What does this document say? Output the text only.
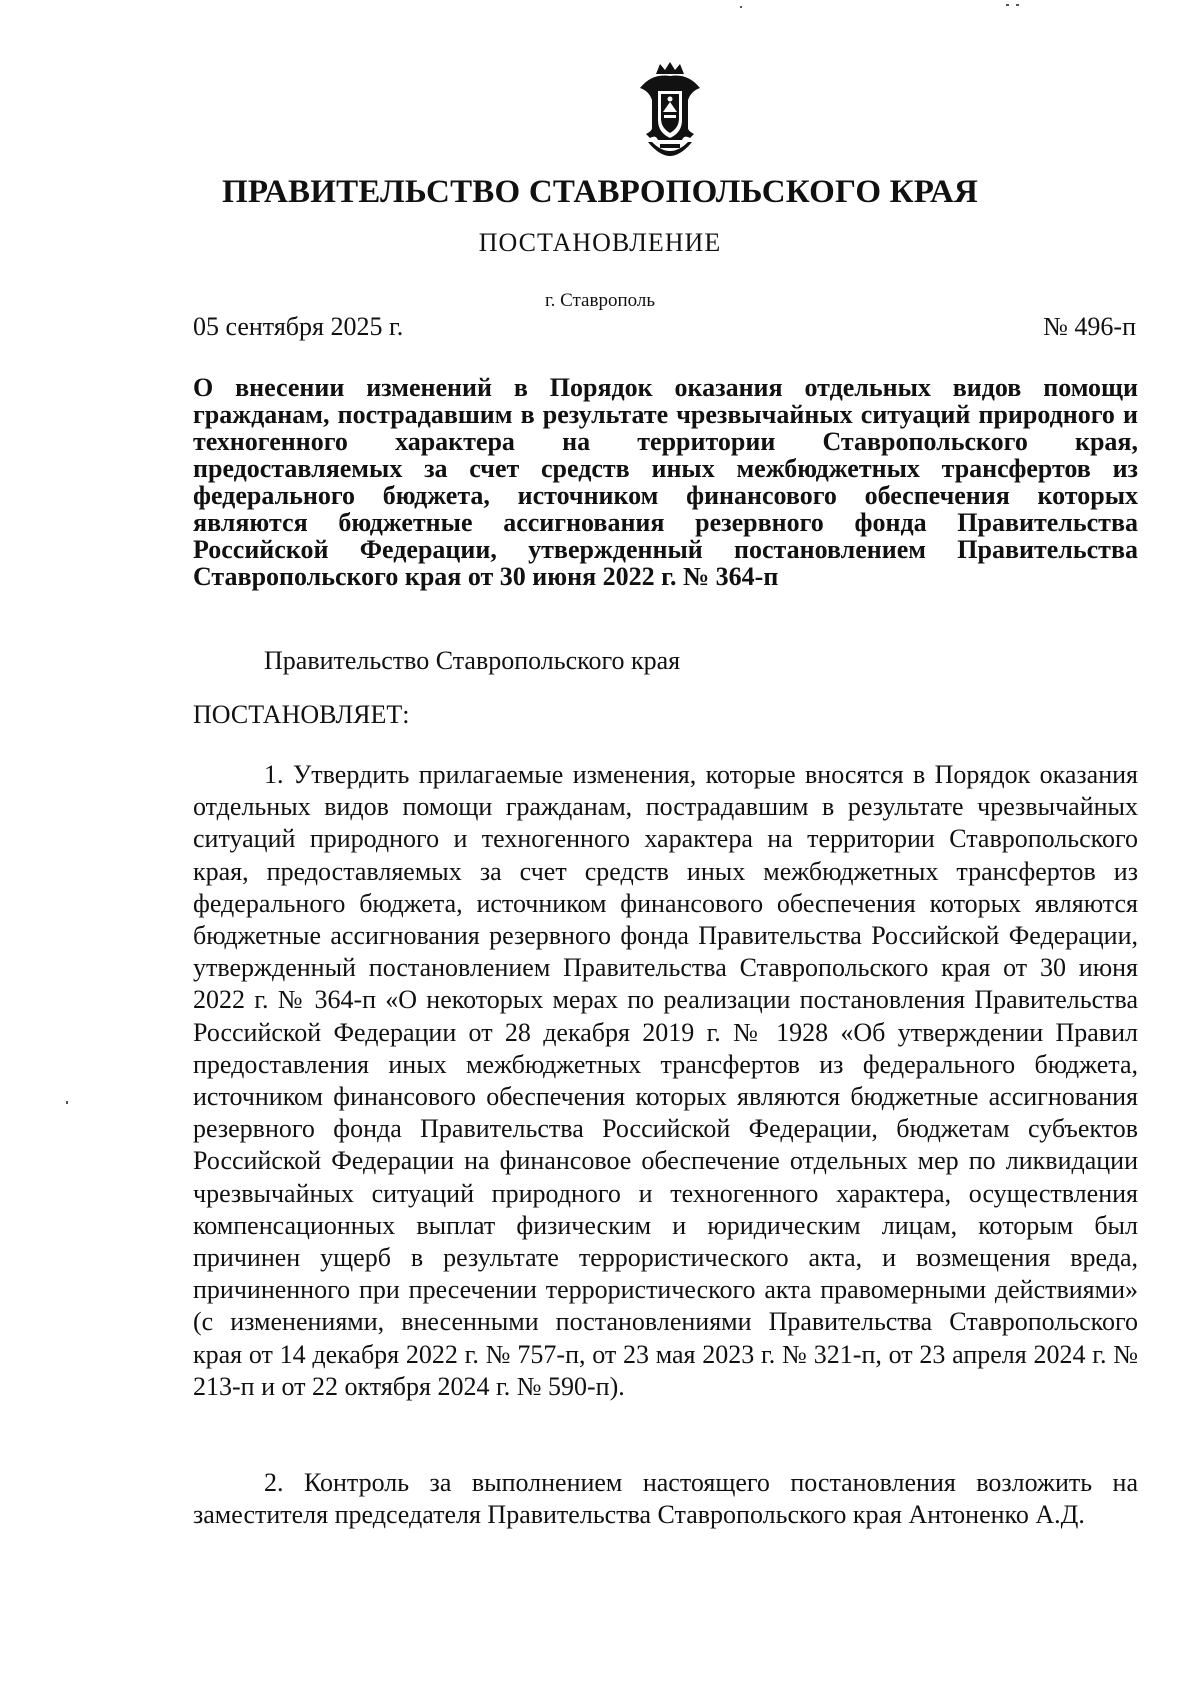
ПРАВИТЕЛЬСТВО СТАВРОПОЛЬСКОГО КРАЯ
ПОСТАНОВЛЕНИЕ
г. Ставрополь
05 сентября 2025 г.	№ 496-п
О внесении изменений в Порядок оказания отдельных видов помощи гражданам, пострадавшим в результате чрезвычайных ситуаций природного и техногенного характера на территории Ставропольского края, предоставляемых за счет средств иных межбюджетных трансфертов из федерального бюджета, источником финансового обеспечения которых являются бюджетные ассигнования резервного фонда Правительства Российской Федерации, утвержденный постановлением Правительства Ставропольского края от 30 июня 2022 г. № 364-п
Правительство Ставропольского края
ПОСТАНОВЛЯЕТ:
1. Утвердить прилагаемые изменения, которые вносятся в Порядок оказания отдельных видов помощи гражданам, пострадавшим в результате чрезвычайных ситуаций природного и техногенного характера на территории Ставропольского края, предоставляемых за счет средств иных межбюджетных трансфертов из федерального бюджета, источником финансового обеспечения которых являются бюджетные ассигнования резервного фонда Правительства Российской Федерации, утвержденный постановлением Правительства Ставропольского края от 30 июня 2022 г. № 364-п «О некоторых мерах по реализации постановления Правительства Российской Федерации от 28 декабря 2019 г. № 1928 «Об утверждении Правил предоставления иных межбюджетных трансфертов из федерального бюджета, источником финансового обеспечения которых являются бюджетные ассигнования резервного фонда Правительства Российской Федерации, бюджетам субъектов Российской Федерации на финансовое обеспечение отдельных мер по ликвидации чрезвычайных ситуаций природного и техногенного характера, осуществления компенсационных выплат физическим и юридическим лицам, которым был причинен ущерб в результате террористического акта, и возмещения вреда, причиненного при пресечении террористического акта правомерными действиями» (с изменениями, внесенными постановлениями Правительства Ставропольского края от 14 декабря 2022 г. № 757-п, от 23 мая 2023 г. № 321-п, от 23 апреля 2024 г. № 213-п и от 22 октября 2024 г. № 590-п).
2. Контроль за выполнением настоящего постановления возложить на заместителя председателя Правительства Ставропольского края Антоненко А.Д.
